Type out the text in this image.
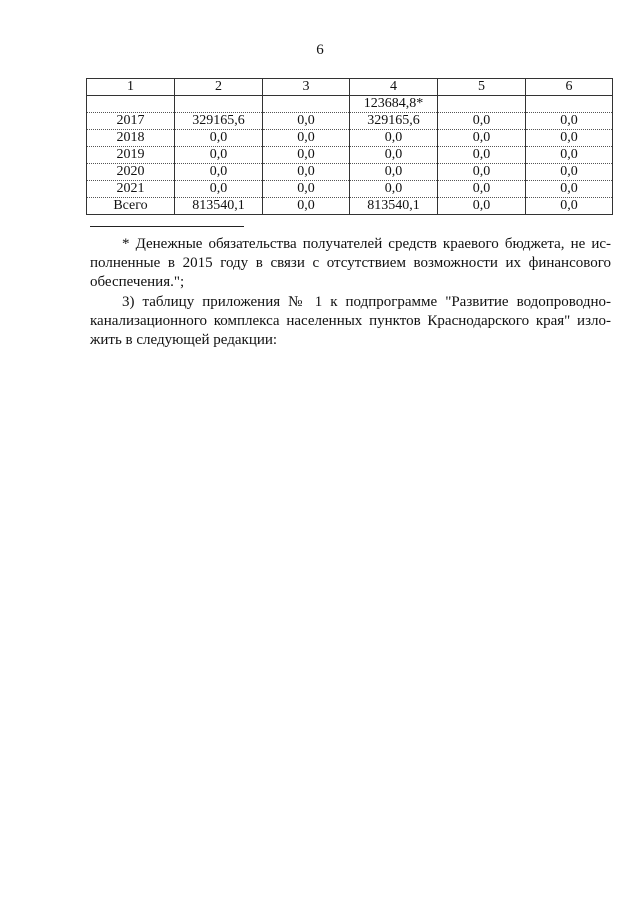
6
1	2	3	4	5	6
			123684,8*		
2017	329165,6	0,0	329165,6	0,0	0,0
2018	0,0	0,0	0,0	0,0	0,0
2019	0,0	0,0	0,0	0,0	0,0
2020	0,0	0,0	0,0	0,0	0,0
2021	0,0	0,0	0,0	0,0	0,0
Всего	813540,1	0,0	813540,1	0,0	0,0
* Денежные обязательства получателей средств краевого бюджета, не ис-
полненные в 2015 году в связи с отсутствием возможности их финансового
обеспечения.";
3) таблицу приложения № 1 к подпрограмме "Развитие водопроводно-
канализационного комплекса населенных пунктов Краснодарского края" изло-
жить в следующей редакции:
